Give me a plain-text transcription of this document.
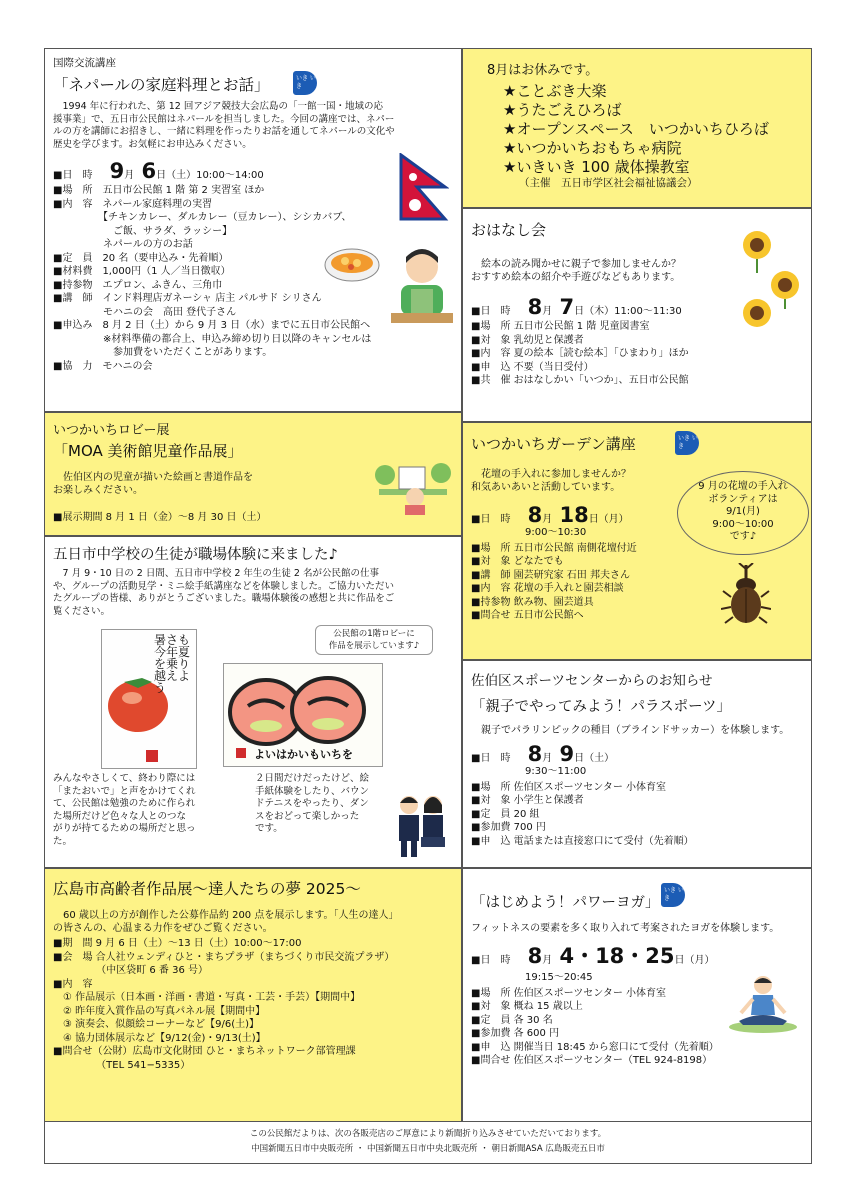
国際交流講座
「ネパールの家庭料理とお話」	いき いき
　1994 年に行われた、第 12 回アジア競技大会広島の「一館一国・地域の応
援事業」で、五日市公民館はネパールを担当しました。今回の講座では、ネパー
ルの方を講師にお招きし、一緒に料理を作ったりお話を通してネパールの文化や
歴史を学びます。お気軽にお申込みください。
■日　時 9月 6日（土）10:00～14:00
■場　所　五日市公民館 1 階 第 2 実習室 ほか
■内　容　ネパール家庭料理の実習
　　　　　【チキンカレー、ダルカレー（豆カレー）、シシカバブ、
　　　　　　ご飯、サラダ、ラッシー】
　　　　　ネパールの方のお話
■定　員　20 名（要申込み・先着順）
■材料費　1,000円（1 人／当日徴収）
■持参物　エプロン、ふきん、三角巾
■講　師　インド料理店ガネーシャ 店主 パルサド シリさん
　　　　　モハニの会　高田 登代子さん
■申込み　8 月 2 日（土）から 9 月 3 日（水）までに五日市公民館へ
　　　　　※材料準備の都合上、申込み締め切り日以降のキャンセルは
　　　　　　参加費をいただくことがあります。
■協　力　モハニの会
いつかいちロビー展
「MOA 美術館児童作品展」
　佐伯区内の児童が描いた絵画と書道作品を
お楽しみください。
■展示期間 8 月 1 日（金）～8 月 30 日（土）
五日市中学校の生徒が職場体験に来ました♪
　7 月 9・10 日の 2 日間、五日市中学校 2 年生の生徒 2 名が公民館の仕事
や、グループの活動見学・ミニ絵手紙講座などを体験しました。ご協力いただい
たグループの皆様、ありがとうございました。職場体験後の感想と共に作品をご
覧ください。
暑さも今年夏を乗り越えよう
公民館の1階ロビーに
作品を展示しています♪
よいはかいもいちを
みんなやさしくて、終わり際には
「またおいで」と声をかけてくれ
て、公民館は勉強のために作られ
た場所だけど色々な人とのつな
がりが持てるための場所だと思っ
た。
２日間だけだったけど、絵
手紙体験をしたり、バウン
ドテニスをやったり、ダン
スをおどって楽しかった
です。
広島市高齢者作品展～達人たちの夢 2025～
　60 歳以上の方が創作した公募作品約 200 点を展示します。「人生の達人」
の皆さんの、心温まる力作をぜひご覧ください。
■期　間 9 月 6 日（土）～13 日（土）10:00～17:00
■会　場 合人社ウェンディひと・まちプラザ（まちづくり市民交流プラザ）
　　　　 （中区袋町 6 番 36 号）
■内　容
　① 作品展示（日本画・洋画・書道・写真・工芸・手芸）【期間中】
　② 昨年度入賞作品の写真パネル展【期間中】
　③ 演奏会、似顔絵コーナーなど【9/6(土)】
　④ 協力団体展示など【9/12(金)・9/13(土)】
■問合せ（公財）広島市文化財団 ひと・まちネットワーク部管理課
　　　　 （TEL 541−5335）
8月はお休みです。
★ことぶき大楽
★うたごえひろば
★オープンスペース　いつかいちひろば
★いつかいちおもちゃ病院
★いきいき 100 歳体操教室
（主催　五日市学区社会福祉協議会）
おはなし会
　絵本の読み聞かせに親子で参加しませんか？
おすすめ絵本の紹介や手遊びなどもあります。
■日　時 8月 7日（木）11:00～11:30
■場　所 五日市公民館 1 階 児童図書室
■対　象 乳幼児と保護者
■内　容 夏の絵本［読む絵本］「ひまわり」ほか
■申　込 不要（当日受付）
■共　催 おはなしかい「いつか」、五日市公民館
いつかいちガーデン講座	いき いき
　花壇の手入れに参加しませんか？
和気あいあいと活動しています。	9 月の花壇の手入れ
ボランティアは
9/1(月)
9:00～10:00
です♪
■日　時 8月 18日（月）
9:00～10:30
■場　所 五日市公民館 南側花壇付近
■対　象 どなたでも
■講　師 園芸研究家 石田 邦夫さん
■内　容 花壇の手入れと園芸相談
■持参物 飲み物、園芸道具
■問合せ 五日市公民館へ
佐伯区スポーツセンターからのお知らせ
「親子でやってみよう！パラスポーツ」
　親子でパラリンピックの種目（ブラインドサッカー）を体験します。
■日　時 8月 9日（土）
9:30～11:00
■場　所 佐伯区スポーツセンター 小体育室
■対　象 小学生と保護者
■定　員 20 組
■参加費 700 円
■申　込 電話または直接窓口にて受付（先着順）
「はじめよう！パワーヨガ」
いき いき
フィットネスの要素を多く取り入れて考案されたヨガを体験します。
■日　時 8月 4・18・25日（月）
19:15～20:45
■場　所 佐伯区スポーツセンター 小体育室
■対　象 概ね 15 歳以上
■定　員 各 30 名
■参加費 各 600 円
■申　込 開催当日 18:45 から窓口にて受付（先着順）
■問合せ 佐伯区スポーツセンター（TEL 924-8198）
この公民館だよりは、次の各販売店のご厚意により新聞折り込みさせていただいております。
中国新聞五日市中央販売所 ・ 中国新聞五日市中央北販売所 ・ 朝日新聞ASA 広島販売五日市
